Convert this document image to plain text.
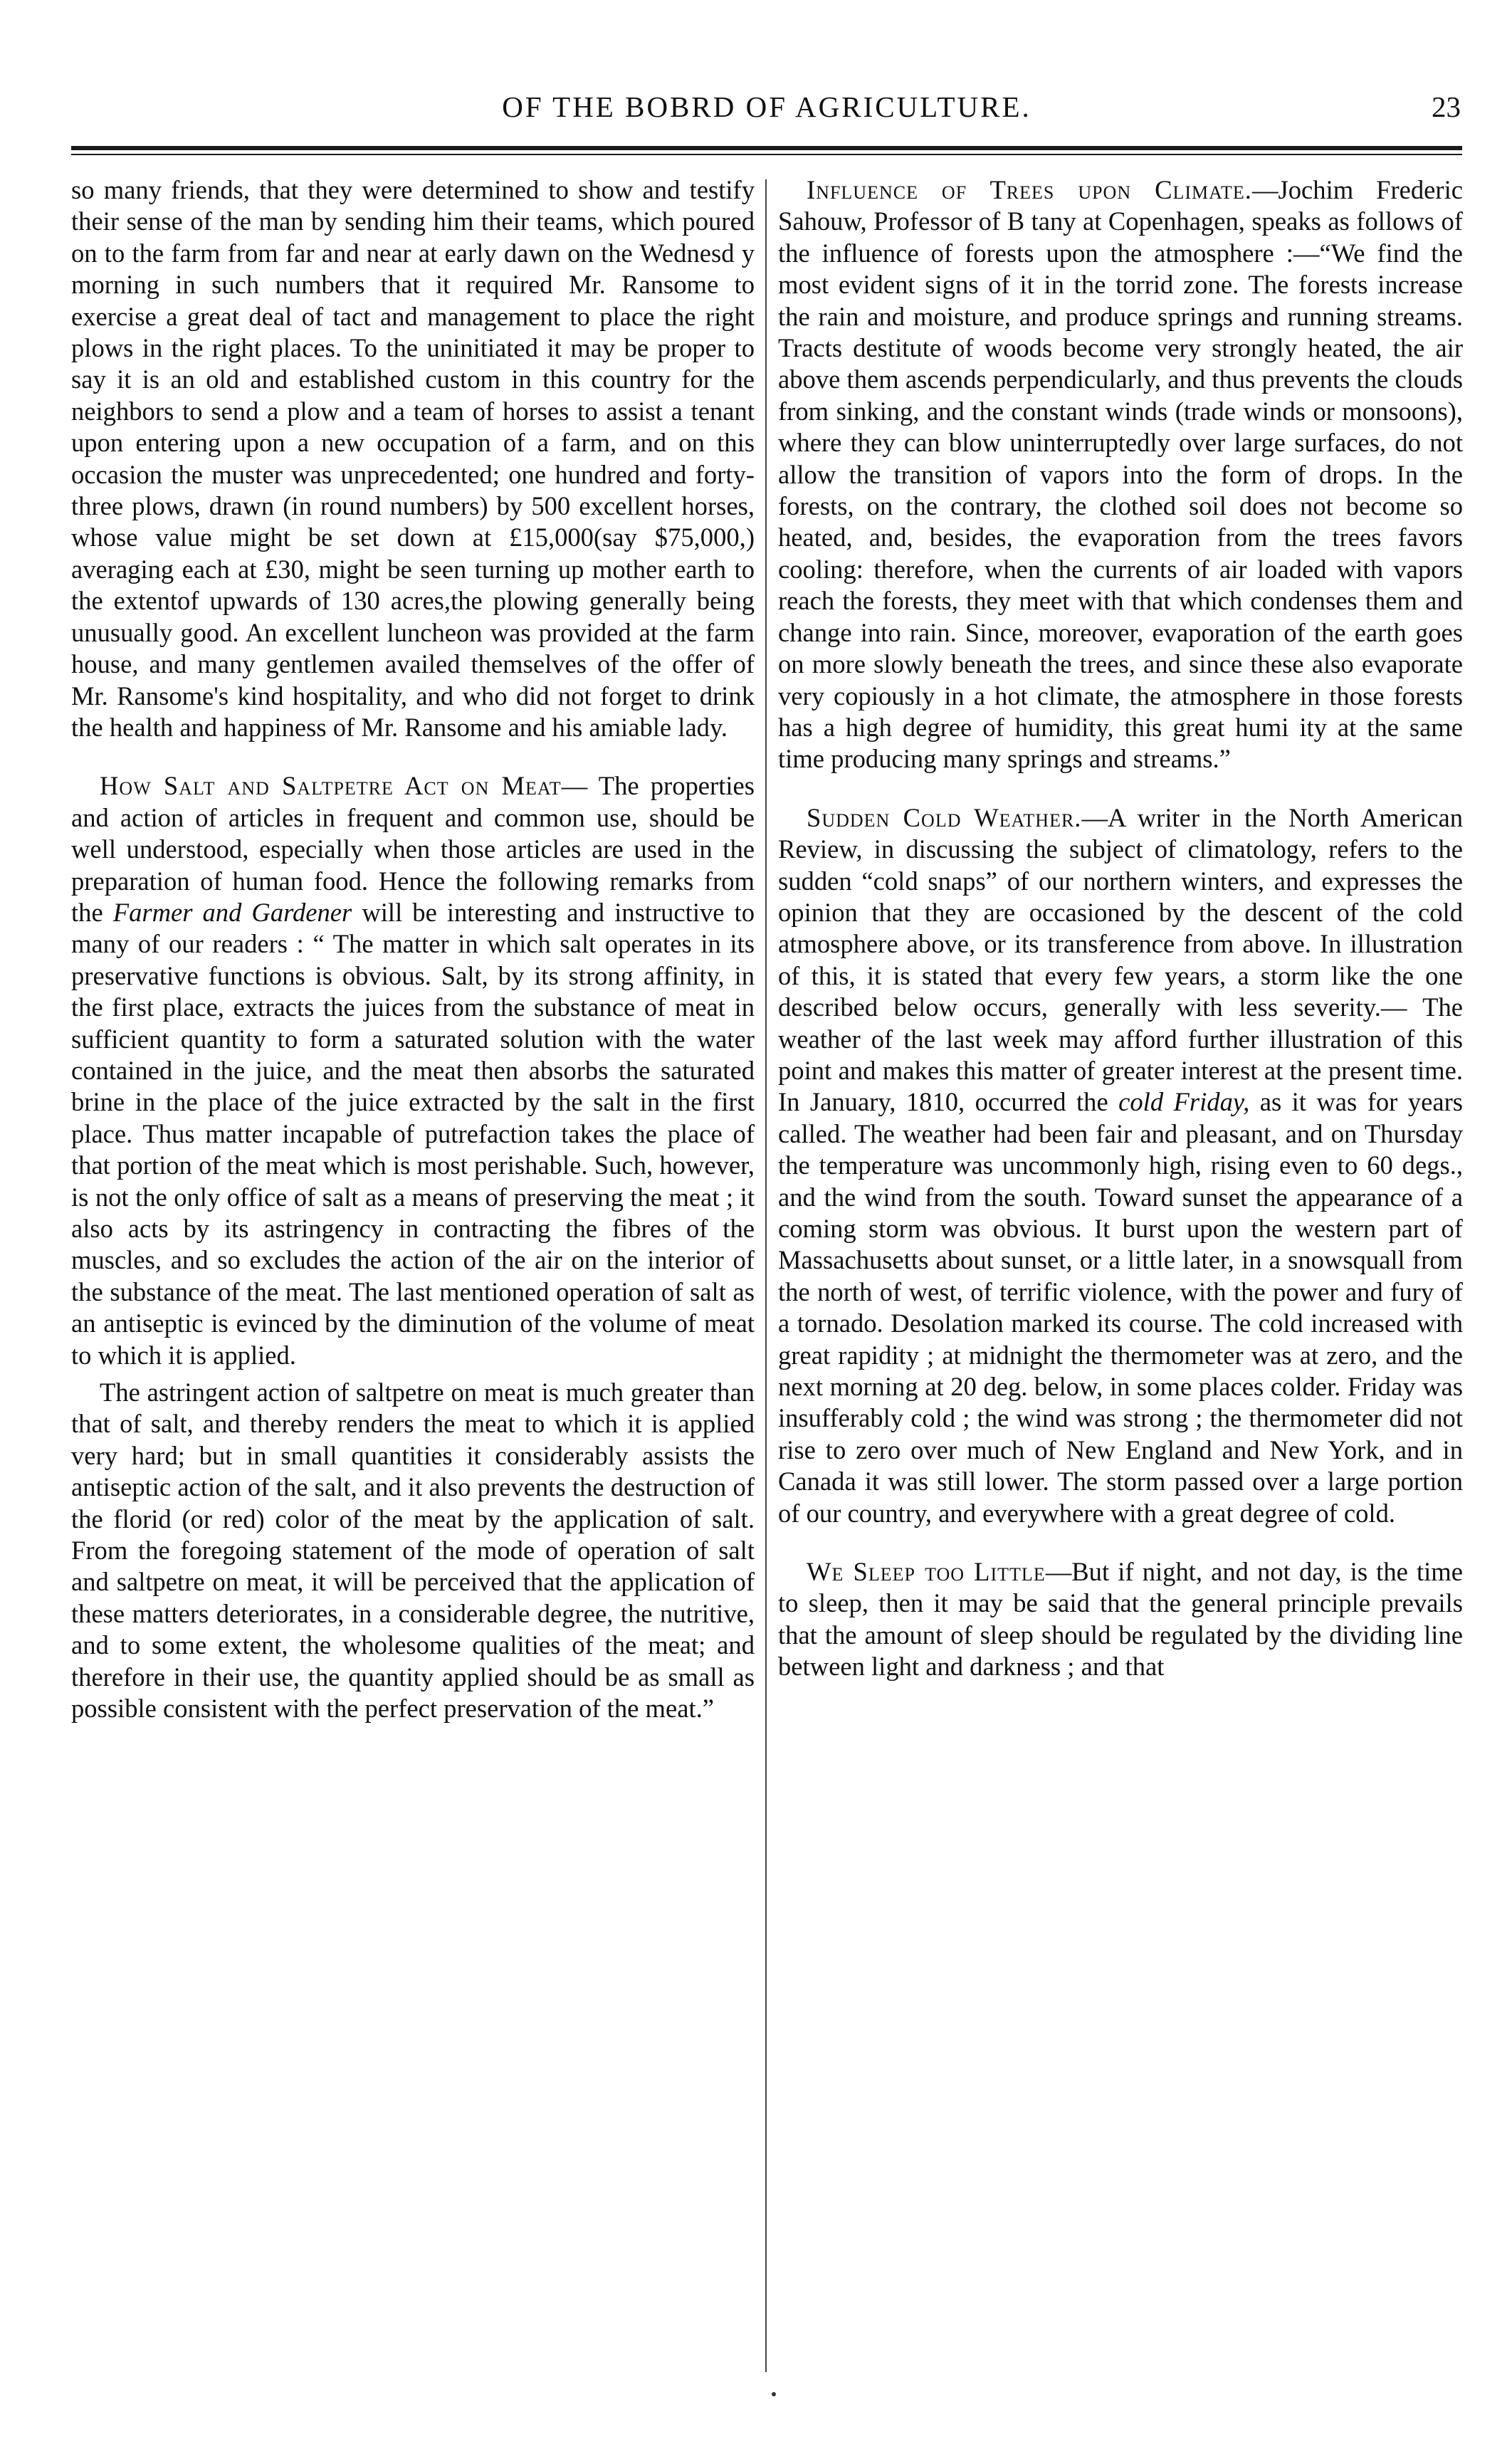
OF THE BOBRD OF AGRICULTURE.	23

so many friends, that they were determined to show and testify their sense of the man by sending him their teams, which poured on to the farm from far and near at early dawn on the Wednesd y morning in such numbers that it required Mr. Ransome to exercise a great deal of tact and management to place the right plows in the right places. To the uninitiated it may be proper to say it is an old and established custom in this country for the neighbors to send a plow and a team of horses to assist a tenant upon entering upon a new occupation of a farm, and on this occasion the muster was unprecedented; one hundred and forty-three plows, drawn (in round numbers) by 500 excellent horses, whose value might be set down at £15,000(say $75,000,) averaging each at £30, might be seen turning up mother earth to the extentof upwards of 130 acres,the plowing generally being unusually good. An excellent luncheon was provided at the farm house, and many gentlemen availed themselves of the offer of Mr. Ransome's kind hospitality, and who did not forget to drink the health and happiness of Mr. Ransome and his amiable lady.

How Salt and Saltpetre Act on Meat— The properties and action of articles in frequent and common use, should be well understood, especially when those articles are used in the preparation of human food. Hence the following remarks from the Farmer and Gardener will be interesting and instructive to many of our readers : “ The matter in which salt operates in its preservative functions is obvious. Salt, by its strong affinity, in the first place, extracts the juices from the substance of meat in sufficient quantity to form a saturated solution with the water contained in the juice, and the meat then absorbs the saturated brine in the place of the juice extracted by the salt in the first place. Thus matter incapable of putrefaction takes the place of that portion of the meat which is most perishable. Such, however, is not the only office of salt as a means of preserving the meat ; it also acts by its astringency in contracting the fibres of the muscles, and so excludes the action of the air on the interior of the substance of the meat. The last mentioned operation of salt as an antiseptic is evinced by the diminution of the volume of meat to which it is applied.

The astringent action of saltpetre on meat is much greater than that of salt, and thereby renders the meat to which it is applied very hard; but in small quantities it considerably assists the antiseptic action of the salt, and it also prevents the destruction of the florid (or red) color of the meat by the application of salt. From the foregoing statement of the mode of operation of salt and saltpetre on meat, it will be perceived that the application of these matters deteriorates, in a considerable degree, the nutritive, and to some extent, the wholesome qualities of the meat; and therefore in their use, the quantity applied should be as small as possible consistent with the perfect preservation of the meat.”

Influence of Trees upon Climate.—Jochim Frederic Sahouw, Professor of B tany at Copenhagen, speaks as follows of the influence of forests upon the atmosphere :—“We find the most evident signs of it in the torrid zone. The forests increase the rain and moisture, and produce springs and running streams. Tracts destitute of woods become very strongly heated, the air above them ascends perpendicularly, and thus prevents the clouds from sinking, and the constant winds (trade winds or monsoons), where they can blow uninterruptedly over large surfaces, do not allow the transition of vapors into the form of drops. In the forests, on the contrary, the clothed soil does not become so heated, and, besides, the evaporation from the trees favors cooling: therefore, when the currents of air loaded with vapors reach the forests, they meet with that which condenses them and change into rain. Since, moreover, evaporation of the earth goes on more slowly beneath the trees, and since these also evaporate very copiously in a hot climate, the atmosphere in those forests has a high degree of humidity, this great humi ity at the same time producing many springs and streams.”

Sudden Cold Weather.—A writer in the North American Review, in discussing the subject of climatology, refers to the sudden “cold snaps” of our northern winters, and expresses the opinion that they are occasioned by the descent of the cold atmosphere above, or its transference from above. In illustration of this, it is stated that every few years, a storm like the one described below occurs, generally with less severity.— The weather of the last week may afford further illustration of this point and makes this matter of greater interest at the present time. In January, 1810, occurred the cold Friday, as it was for years called. The weather had been fair and pleasant, and on Thursday the temperature was uncommonly high, rising even to 60 degs., and the wind from the south. Toward sunset the appearance of a coming storm was obvious. It burst upon the western part of Massachusetts about sunset, or a little later, in a snowsquall from the north of west, of terrific violence, with the power and fury of a tornado. Desolation marked its course. The cold increased with great rapidity ; at midnight the thermometer was at zero, and the next morning at 20 deg. below, in some places colder. Friday was insufferably cold ; the wind was strong ; the thermometer did not rise to zero over much of New England and New York, and in Canada it was still lower. The storm passed over a large portion of our country, and everywhere with a great degree of cold.

We Sleep too Little—But if night, and not day, is the time to sleep, then it may be said that the general principle prevails that the amount of sleep should be regulated by the dividing line between light and darkness ; and that
